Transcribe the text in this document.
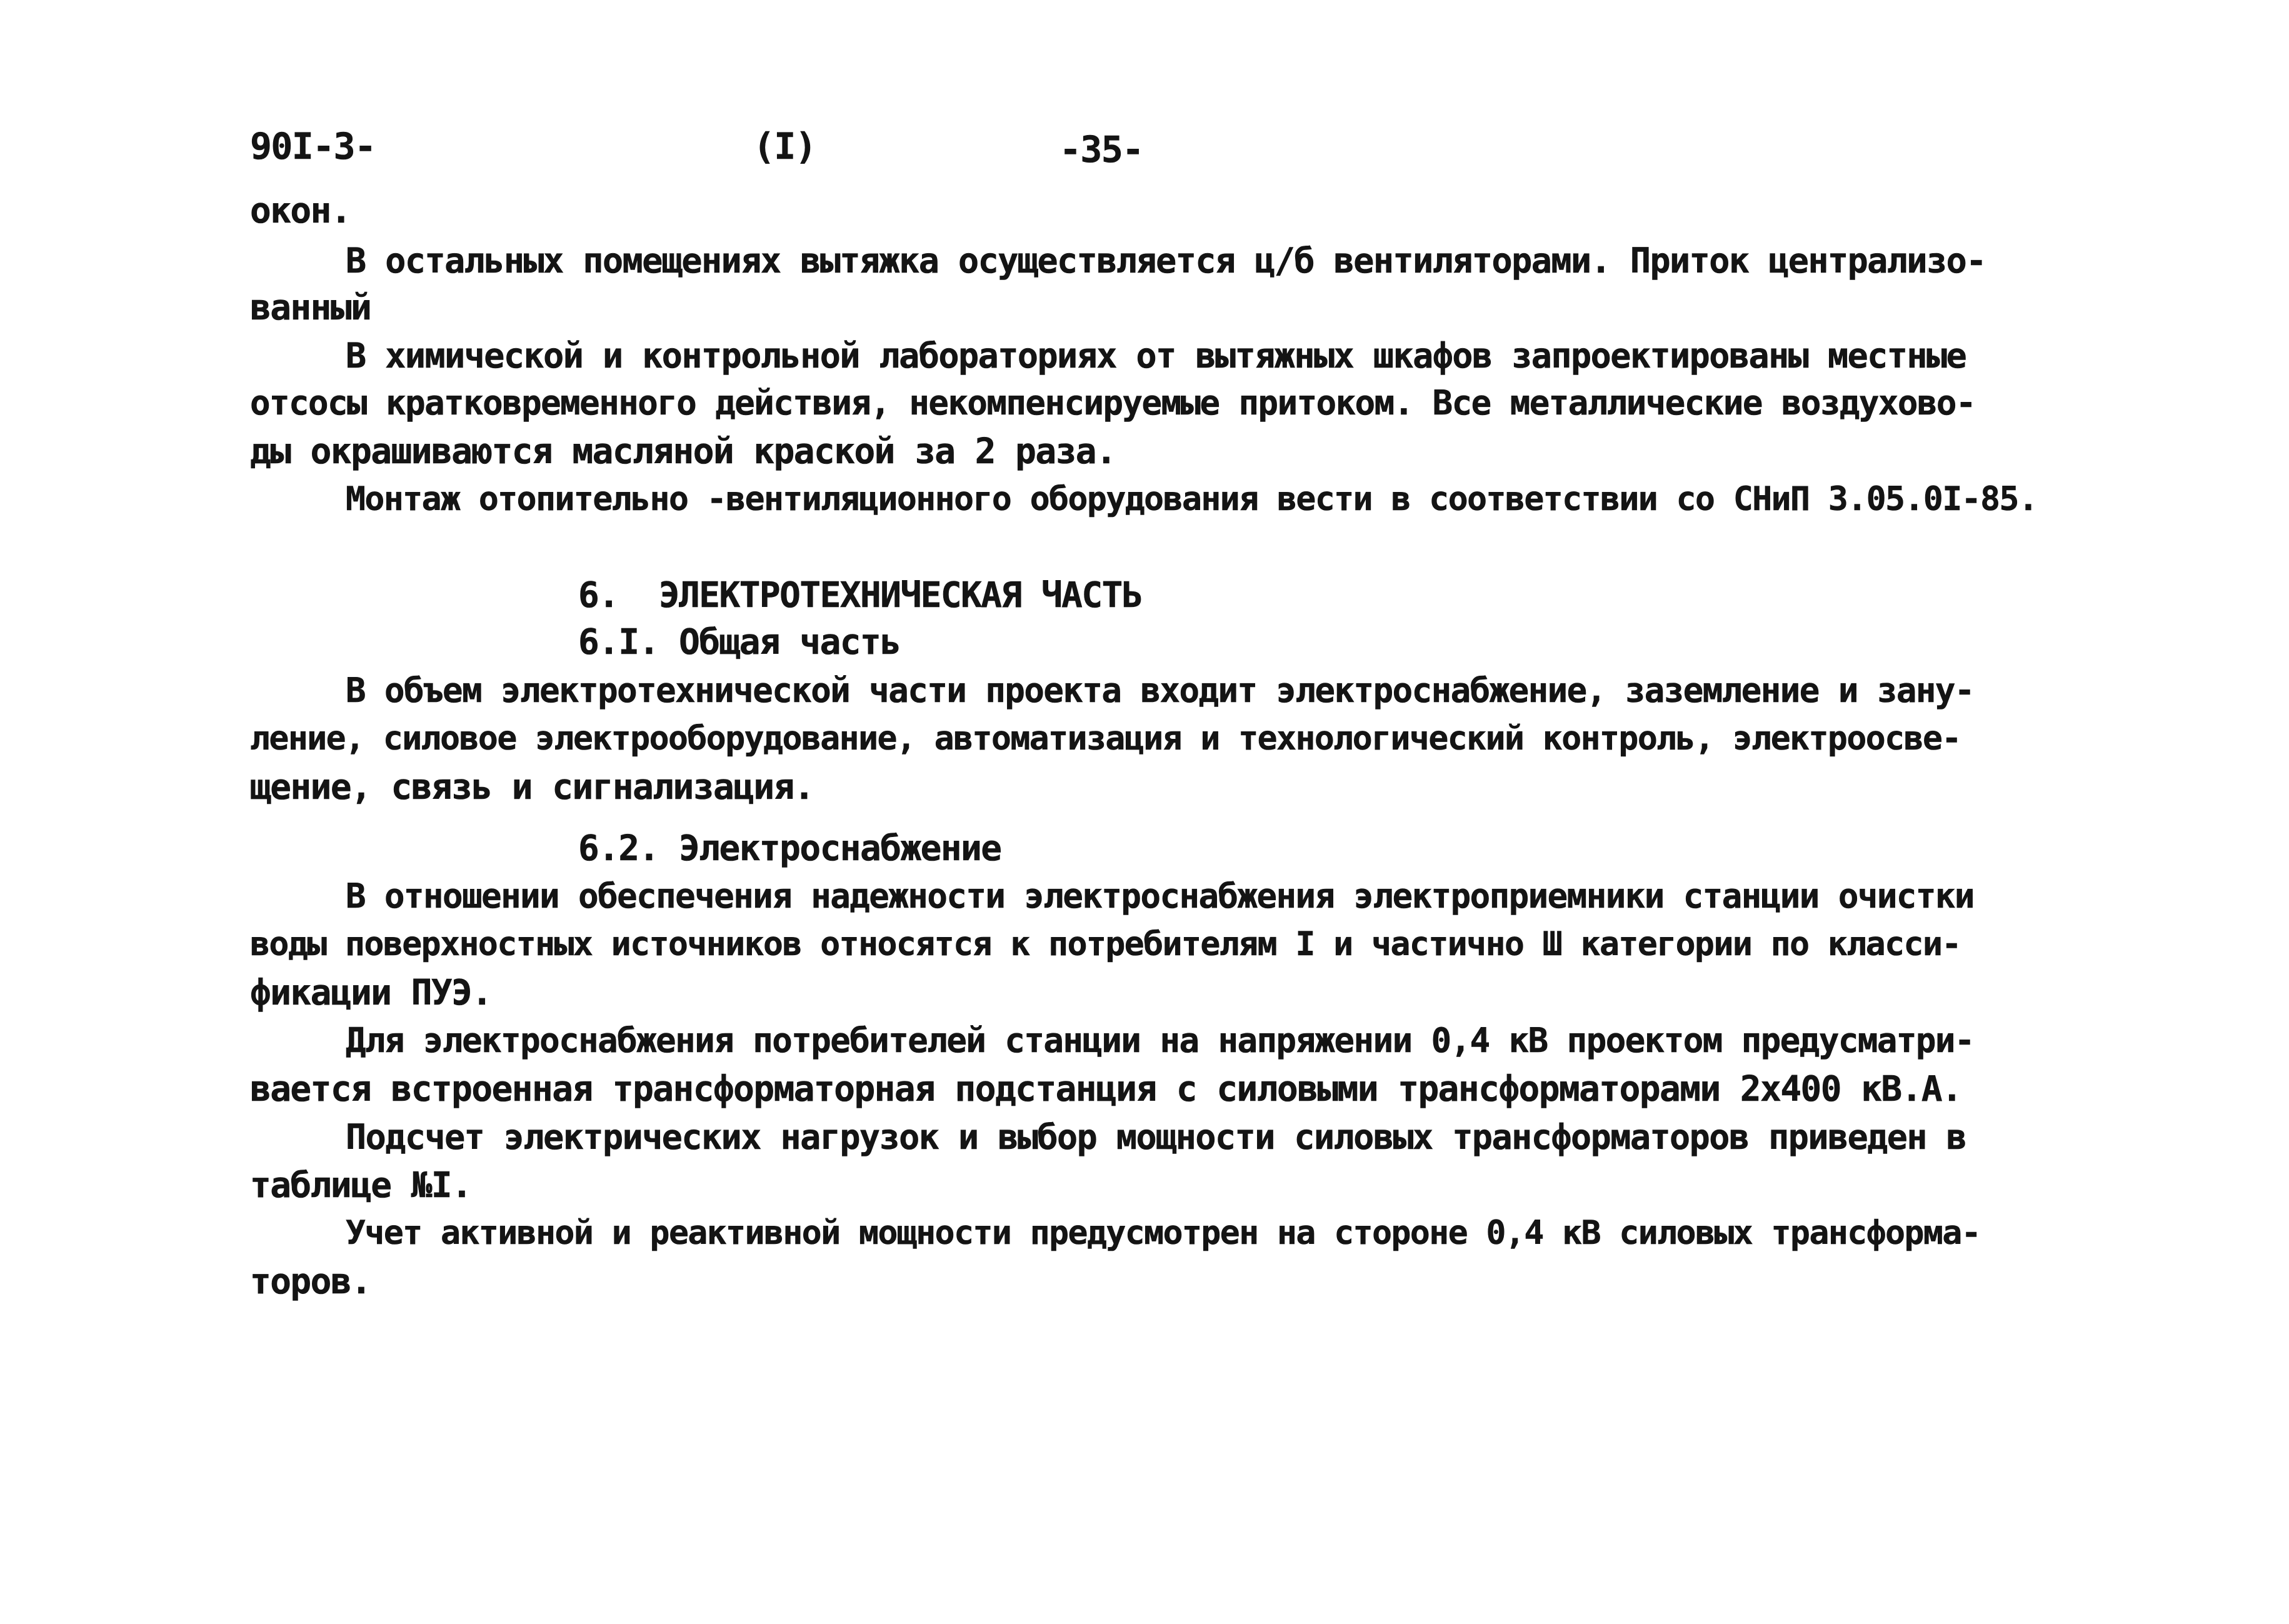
90I-3-	(I)	-35-
окон.
В остальных помещениях вытяжка осуществляется ц/б вентиляторами. Приток централизо-
ванный
В химической и контрольной лабораториях от вытяжных шкафов запроектированы местные
отсосы кратковременного действия, некомпенсируемые притоком. Все металлические воздухово-
ды окрашиваются масляной краской за 2 раза.
Монтаж отопительно -вентиляционного оборудования вести в соответствии со СНиП 3.05.0I-85.
6.  ЭЛЕКТРОТЕХНИЧЕСКАЯ ЧАСТЬ
6.I. Общая часть
В объем электротехнической части проекта входит электроснабжение, заземление и зану-
ление, силовое электрооборудование, автоматизация и технологический контроль, электроосве-
щение, связь и сигнализация.
6.2. Электроснабжение
В отношении обеспечения надежности электроснабжения электроприемники станции очистки
воды поверхностных источников относятся к потребителям I и частично Ш категории по класси-
фикации ПУЭ.
Для электроснабжения потребителей станции на напряжении 0,4 кВ проектом предусматри-
вается встроенная трансформаторная подстанция с силовыми трансформаторами 2х400 кВ.А.
Подсчет электрических нагрузок и выбор мощности силовых трансформаторов приведен в
таблице №I.
Учет активной и реактивной мощности предусмотрен на стороне 0,4 кВ силовых трансформа-
торов.
